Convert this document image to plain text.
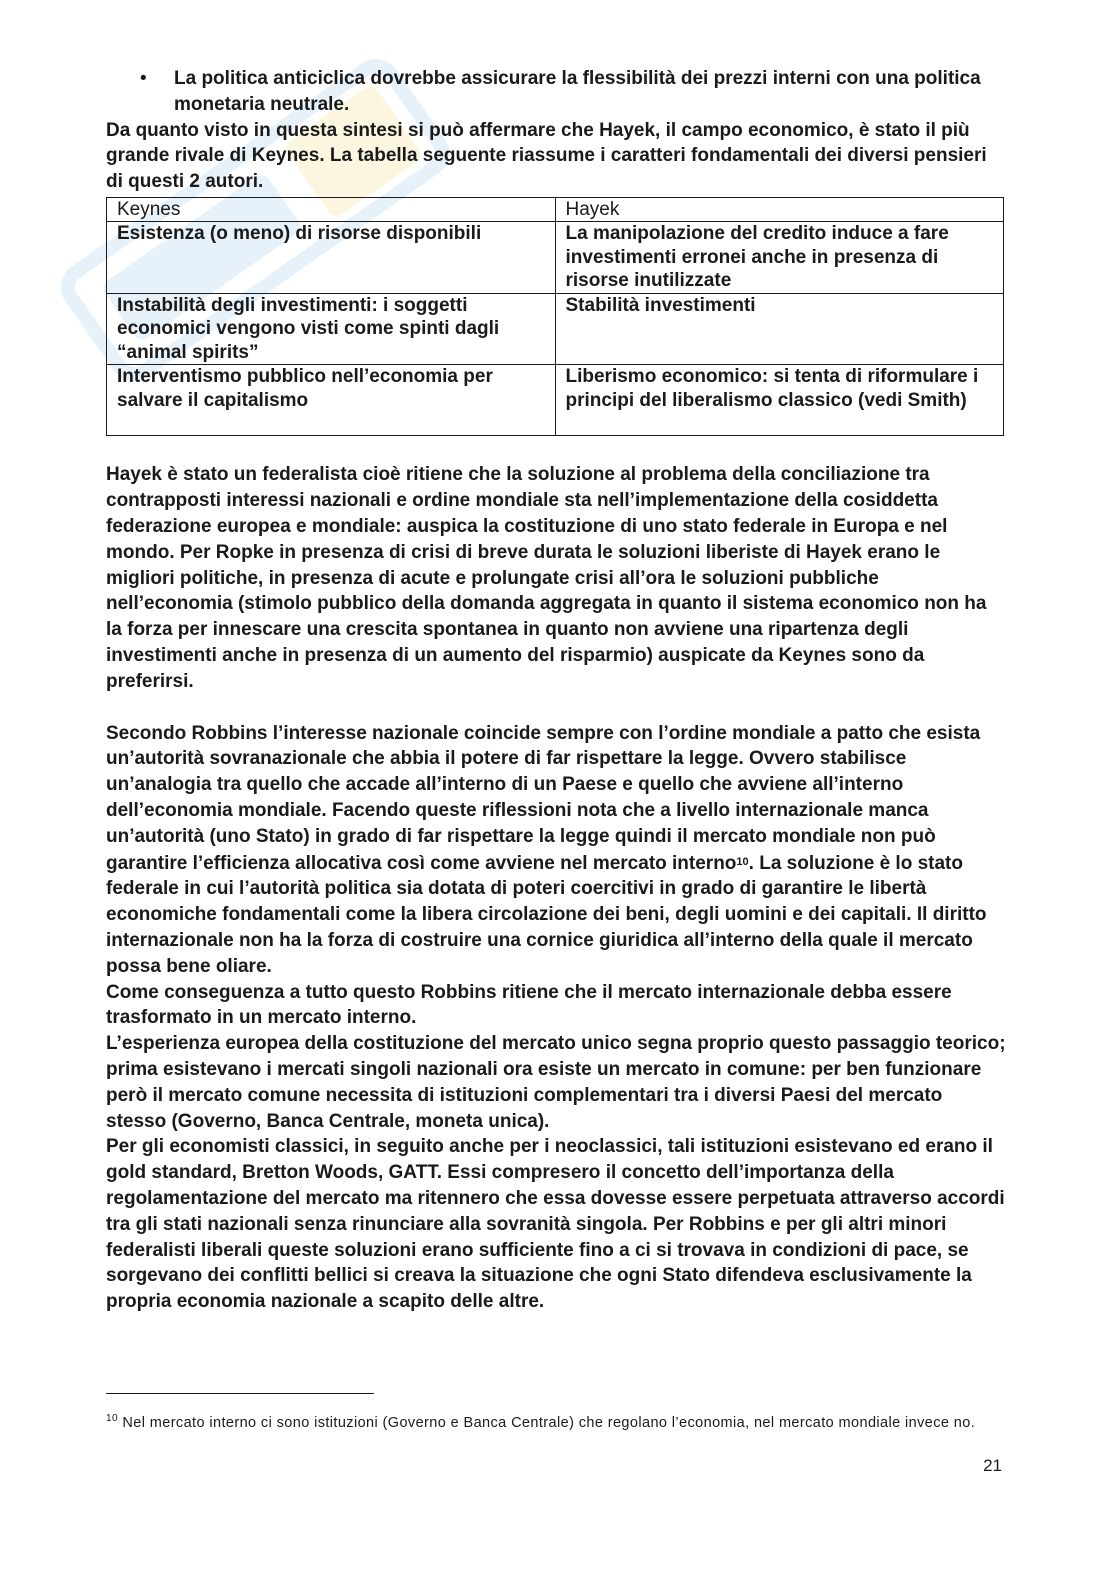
• La politica anticiclica dovrebbe assicurare la flessibilità dei prezzi interni con una politica monetaria neutrale.

Da quanto visto in questa sintesi si può affermare che Hayek, il campo economico, è stato il più grande rivale di Keynes. La tabella seguente riassume i caratteri fondamentali dei diversi pensieri di questi 2 autori.

Keynes	Hayek
Esistenza (o meno) di risorse disponibili	La manipolazione del credito induce a fare investimenti erronei anche in presenza di risorse inutilizzate
Instabilità degli investimenti: i soggetti economici vengono visti come spinti dagli “animal spirits”	Stabilità investimenti
Interventismo pubblico nell’economia per salvare il capitalismo	Liberismo economico: si tenta di riformulare i principi del liberalismo classico (vedi Smith)

Hayek è stato un federalista cioè ritiene che la soluzione al problema della conciliazione tra contrapposti interessi nazionali e ordine mondiale sta nell’implementazione della cosiddetta federazione europea e mondiale: auspica la costituzione di uno stato federale in Europa e nel mondo. Per Ropke in presenza di crisi di breve durata le soluzioni liberiste di Hayek erano le migliori politiche, in presenza di acute e prolungate crisi all’ora le soluzioni pubbliche nell’economia (stimolo pubblico della domanda aggregata in quanto il sistema economico non ha la forza per innescare una crescita spontanea in quanto non avviene una ripartenza degli investimenti anche in presenza di un aumento del risparmio) auspicate da Keynes sono da preferirsi.

Secondo Robbins l’interesse nazionale coincide sempre con l’ordine mondiale a patto che esista un’autorità sovranazionale che abbia il potere di far rispettare la legge. Ovvero stabilisce un’analogia tra quello che accade all’interno di un Paese e quello che avviene all’interno dell’economia mondiale. Facendo queste riflessioni nota che a livello internazionale manca un’autorità (uno Stato) in grado di far rispettare la legge quindi il mercato mondiale non può garantire l’efficienza allocativa così come avviene nel mercato interno$^{10}$. La soluzione è lo stato federale in cui l’autorità politica sia dotata di poteri coercitivi in grado di garantire le libertà economiche fondamentali come la libera circolazione dei beni, degli uomini e dei capitali. Il diritto internazionale non ha la forza di costruire una cornice giuridica all’interno della quale il mercato possa bene oliare.

Come conseguenza a tutto questo Robbins ritiene che il mercato internazionale debba essere trasformato in un mercato interno.

L’esperienza europea della costituzione del mercato unico segna proprio questo passaggio teorico; prima esistevano i mercati singoli nazionali ora esiste un mercato in comune: per ben funzionare però il mercato comune necessita di istituzioni complementari tra i diversi Paesi del mercato stesso (Governo, Banca Centrale, moneta unica).

Per gli economisti classici, in seguito anche per i neoclassici, tali istituzioni esistevano ed erano il gold standard, Bretton Woods, GATT. Essi compresero il concetto dell’importanza della regolamentazione del mercato ma ritennero che essa dovesse essere perpetuata attraverso accordi tra gli stati nazionali senza rinunciare alla sovranità singola. Per Robbins e per gli altri minori federalisti liberali queste soluzioni erano sufficiente fino a ci si trovava in condizioni di pace, se sorgevano dei conflitti bellici si creava la situazione che ogni Stato difendeva esclusivamente la propria economia nazionale a scapito delle altre.

$^{10}$ Nel mercato interno ci sono istituzioni (Governo e Banca Centrale) che regolano l’economia, nel mercato mondiale invece no.
21
